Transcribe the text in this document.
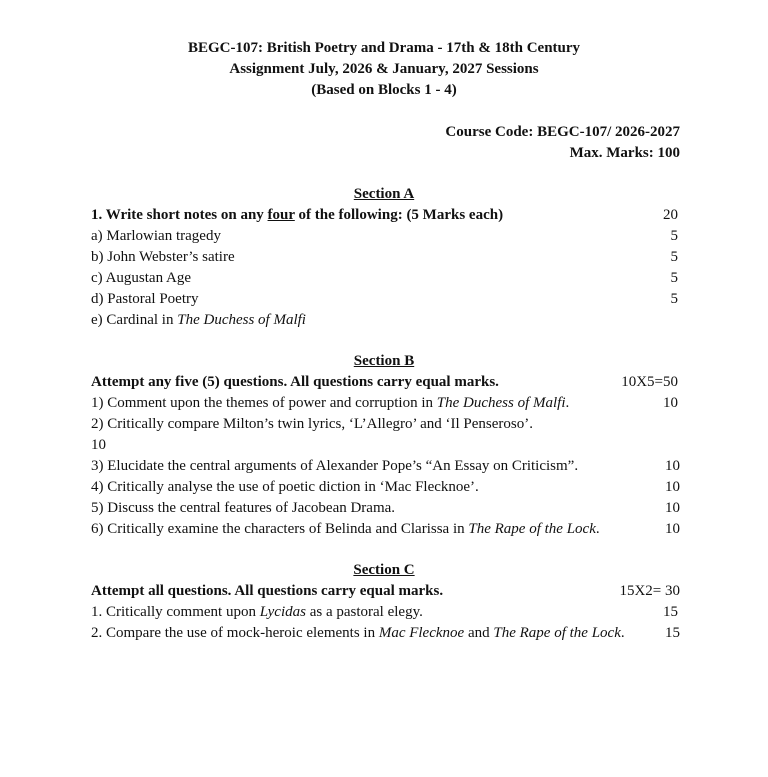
BEGC-107: British Poetry and Drama - 17th & 18th Century
Assignment July, 2026 & January, 2027 Sessions
(Based on Blocks 1 - 4)
Course Code: BEGC-107/ 2026-2027
Max. Marks: 100
Section A
1. Write short notes on any four of the following: (5 Marks each)	20
a) Marlowian tragedy	5
b) John Webster’s satire	5
c) Augustan Age	5
d) Pastoral Poetry	5
e) Cardinal in The Duchess of Malfi
Section B
Attempt any five (5) questions. All questions carry equal marks.	10X5=50
1) Comment upon the themes of power and corruption in The Duchess of Malfi.	10
2) Critically compare Milton’s twin lyrics, ‘L’Allegro’ and ‘Il Penseroso’.
10
3) Elucidate the central arguments of Alexander Pope’s “An Essay on Criticism”.	10
4) Critically analyse the use of poetic diction in ‘Mac Flecknoe’.	10
5) Discuss the central features of Jacobean Drama.	10
6) Critically examine the characters of Belinda and Clarissa in The Rape of the Lock.	10
Section C
Attempt all questions. All questions carry equal marks.	15X2= 30
1. Critically comment upon Lycidas as a pastoral elegy.	15
2. Compare the use of mock-heroic elements in Mac Flecknoe and The Rape of the Lock.	15
